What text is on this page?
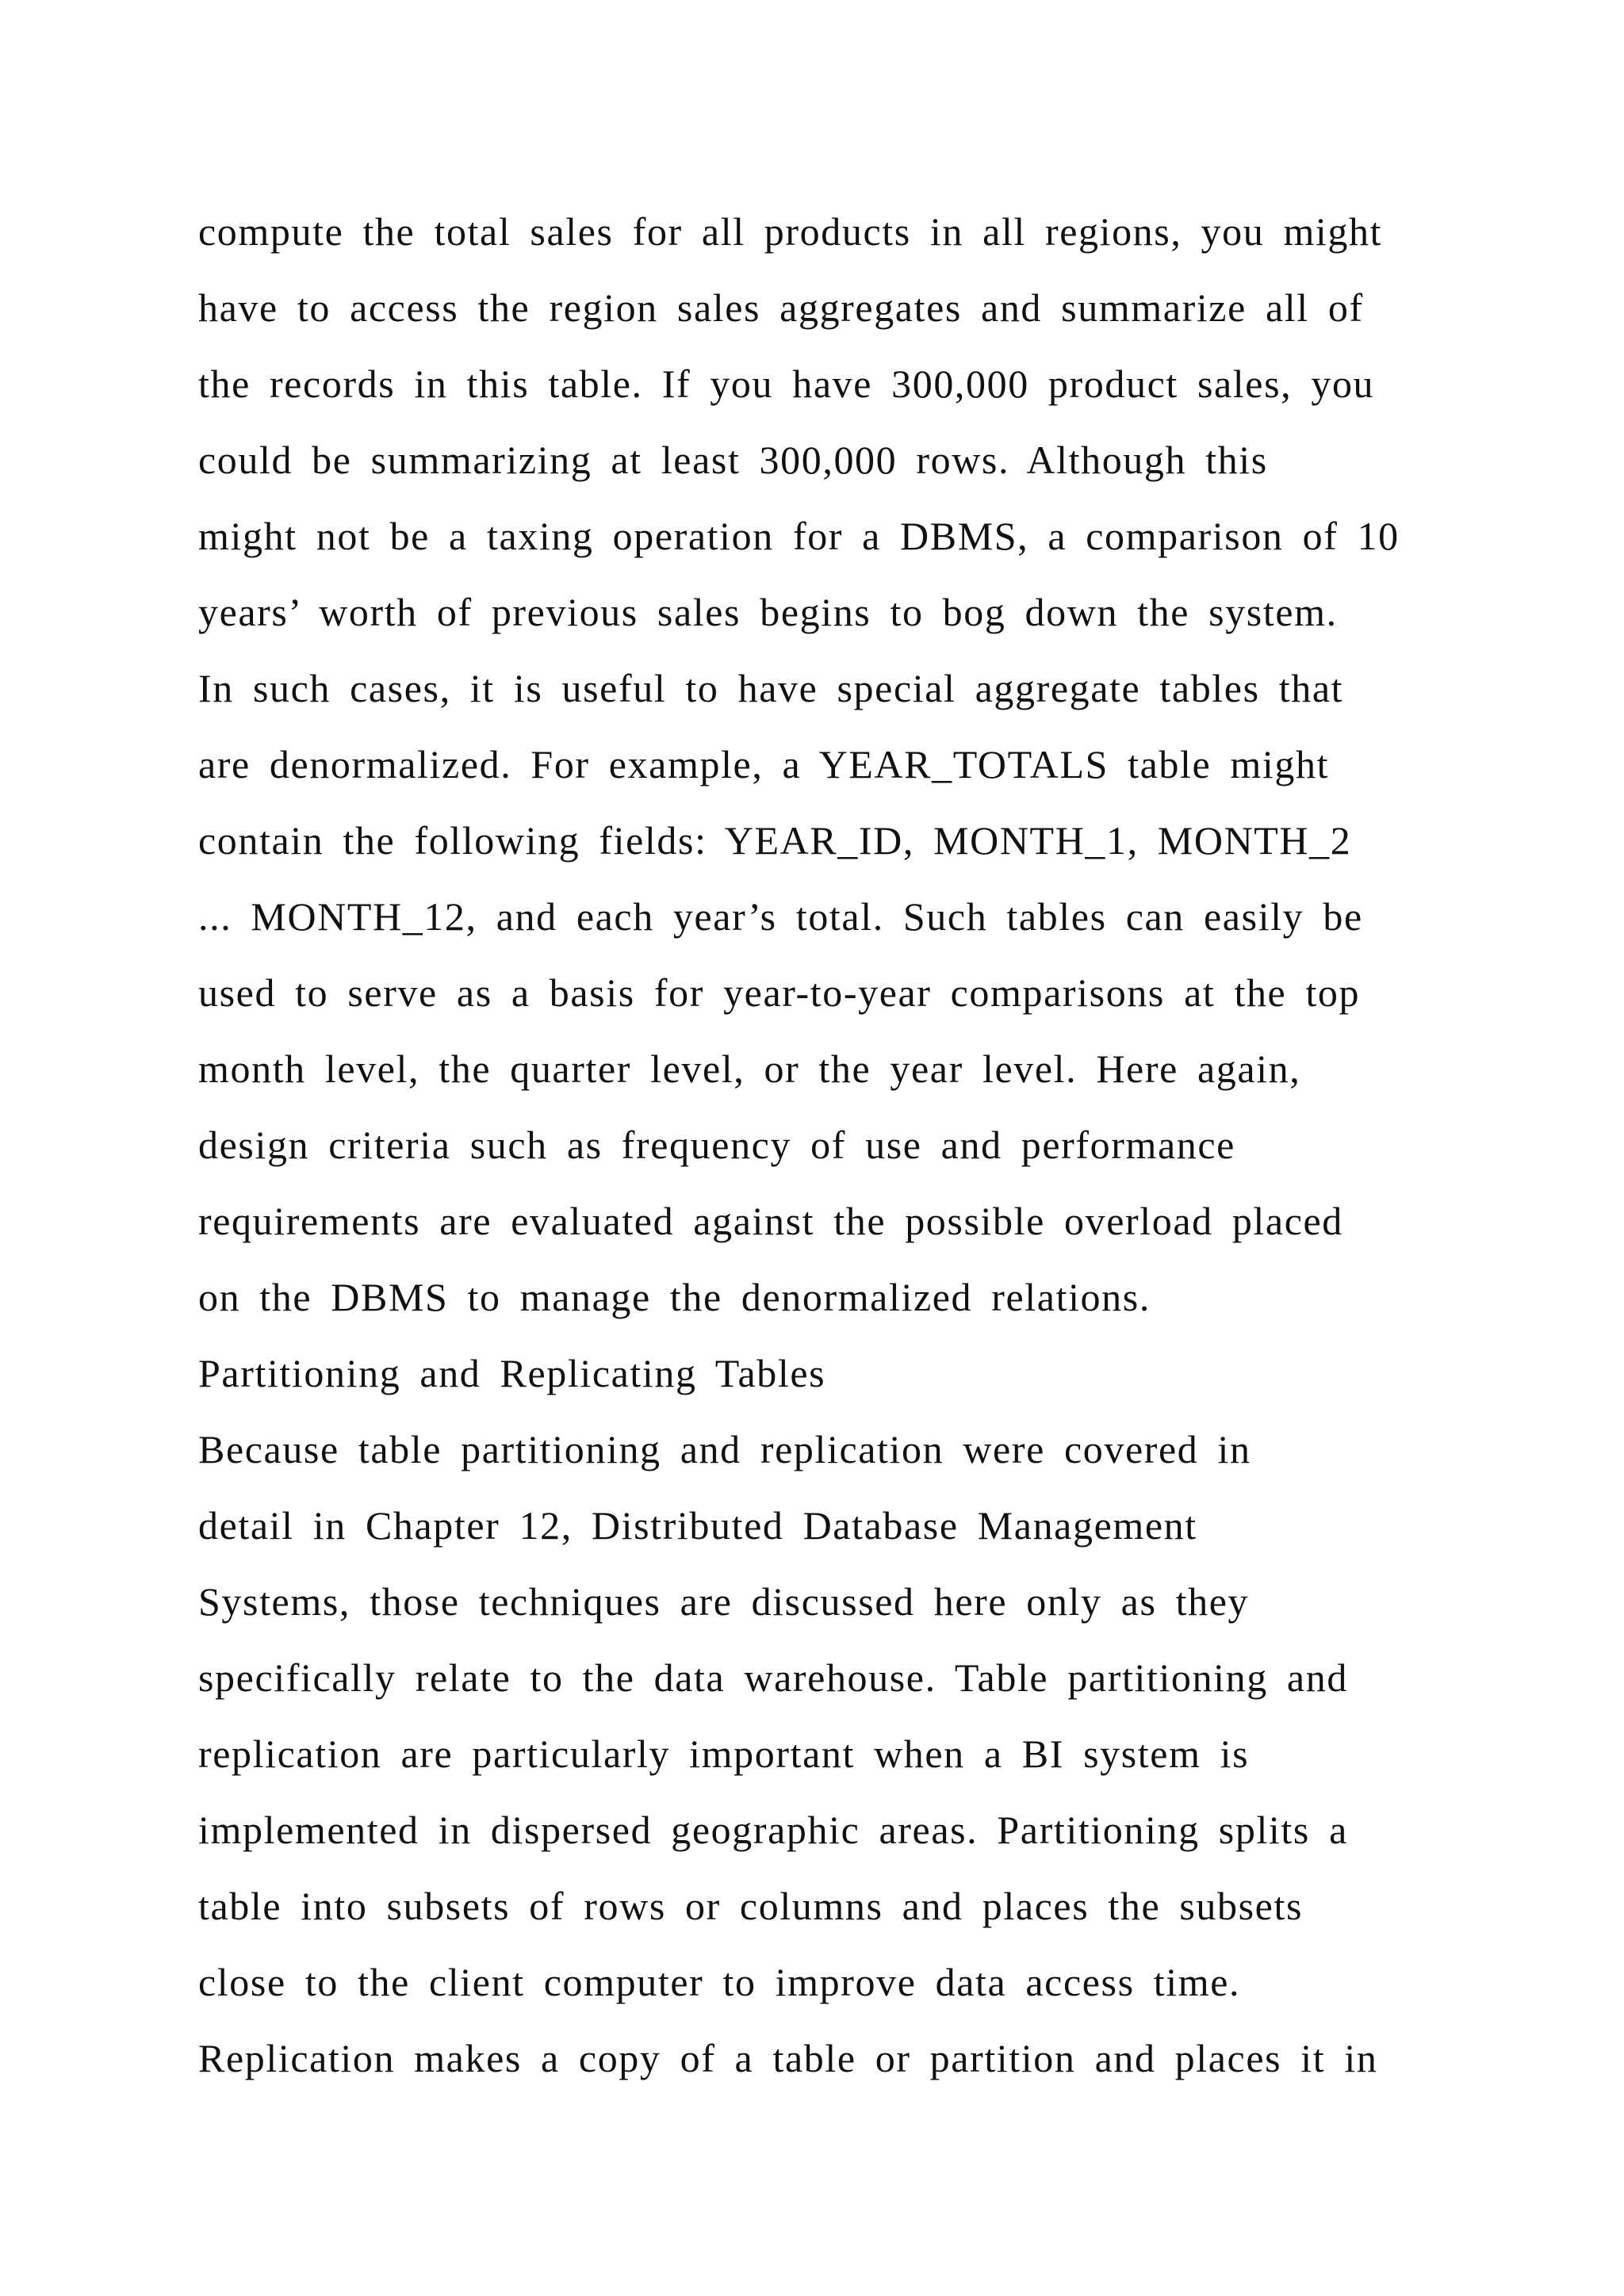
compute the total sales for all products in all regions, you might
have to access the region sales aggregates and summarize all of
the records in this table. If you have 300,000 product sales, you
could be summarizing at least 300,000 rows. Although this
might not be a taxing operation for a DBMS, a comparison of 10
years’ worth of previous sales begins to bog down the system.
In such cases, it is useful to have special aggregate tables that
are denormalized. For example, a YEAR_TOTALS table might
contain the following fields: YEAR_ID, MONTH_1, MONTH_2
... MONTH_12, and each year’s total. Such tables can easily be
used to serve as a basis for year-to-year comparisons at the top
month level, the quarter level, or the year level. Here again,
design criteria such as frequency of use and performance
requirements are evaluated against the possible overload placed
on the DBMS to manage the denormalized relations.
Partitioning and Replicating Tables
Because table partitioning and replication were covered in
detail in Chapter 12, Distributed Database Management
Systems, those techniques are discussed here only as they
specifically relate to the data warehouse. Table partitioning and
replication are particularly important when a BI system is
implemented in dispersed geographic areas. Partitioning splits a
table into subsets of rows or columns and places the subsets
close to the client computer to improve data access time.
Replication makes a copy of a table or partition and places it in
